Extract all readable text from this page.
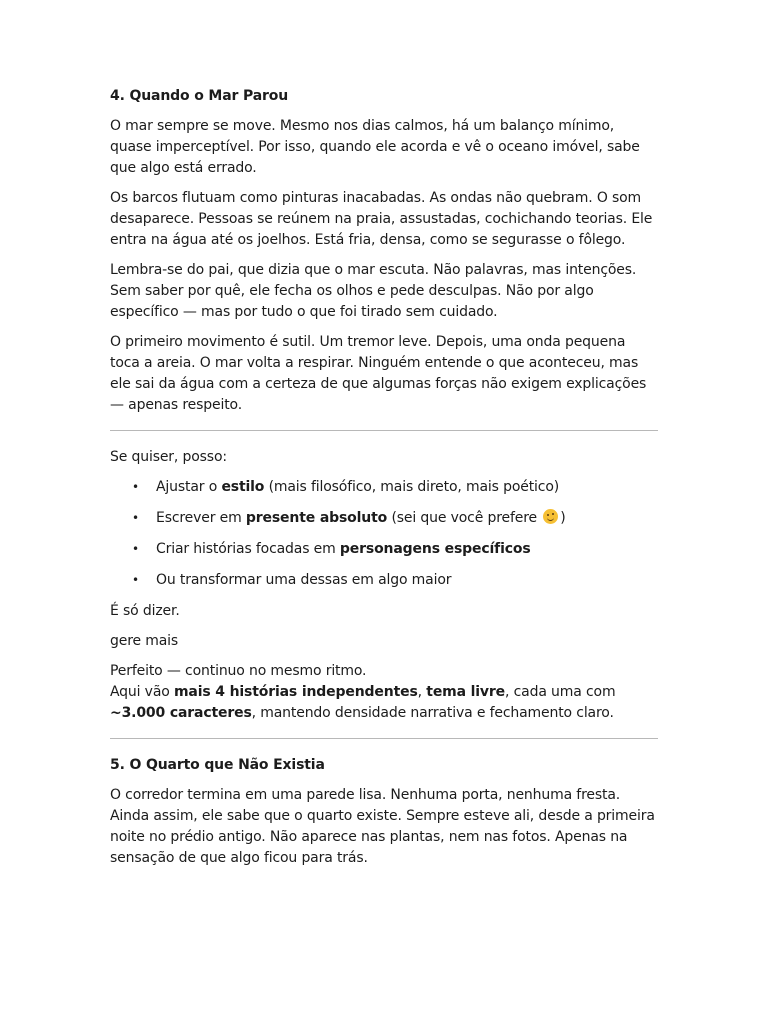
4. Quando o Mar Parou
O mar sempre se move. Mesmo nos dias calmos, há um balanço mínimo, quase imperceptível. Por isso, quando ele acorda e vê o oceano imóvel, sabe que algo está errado.
Os barcos flutuam como pinturas inacabadas. As ondas não quebram. O som desaparece. Pessoas se reúnem na praia, assustadas, cochichando teorias. Ele entra na água até os joelhos. Está fria, densa, como se segurasse o fôlego.
Lembra-se do pai, que dizia que o mar escuta. Não palavras, mas intenções. Sem saber por quê, ele fecha os olhos e pede desculpas. Não por algo específico — mas por tudo o que foi tirado sem cuidado.
O primeiro movimento é sutil. Um tremor leve. Depois, uma onda pequena toca a areia. O mar volta a respirar. Ninguém entende o que aconteceu, mas ele sai da água com a certeza de que algumas forças não exigem explicações — apenas respeito.
Se quiser, posso:
• Ajustar o estilo (mais filosófico, mais direto, mais poético)
• Escrever em presente absoluto (sei que você prefere )
• Criar histórias focadas em personagens específicos
• Ou transformar uma dessas em algo maior
É só dizer.
gere mais
Perfeito — continuo no mesmo ritmo.
Aqui vão mais 4 histórias independentes, tema livre, cada uma com ~3.000 caracteres, mantendo densidade narrativa e fechamento claro.
5. O Quarto que Não Existia
O corredor termina em uma parede lisa. Nenhuma porta, nenhuma fresta. Ainda assim, ele sabe que o quarto existe. Sempre esteve ali, desde a primeira noite no prédio antigo. Não aparece nas plantas, nem nas fotos. Apenas na sensação de que algo ficou para trás.
